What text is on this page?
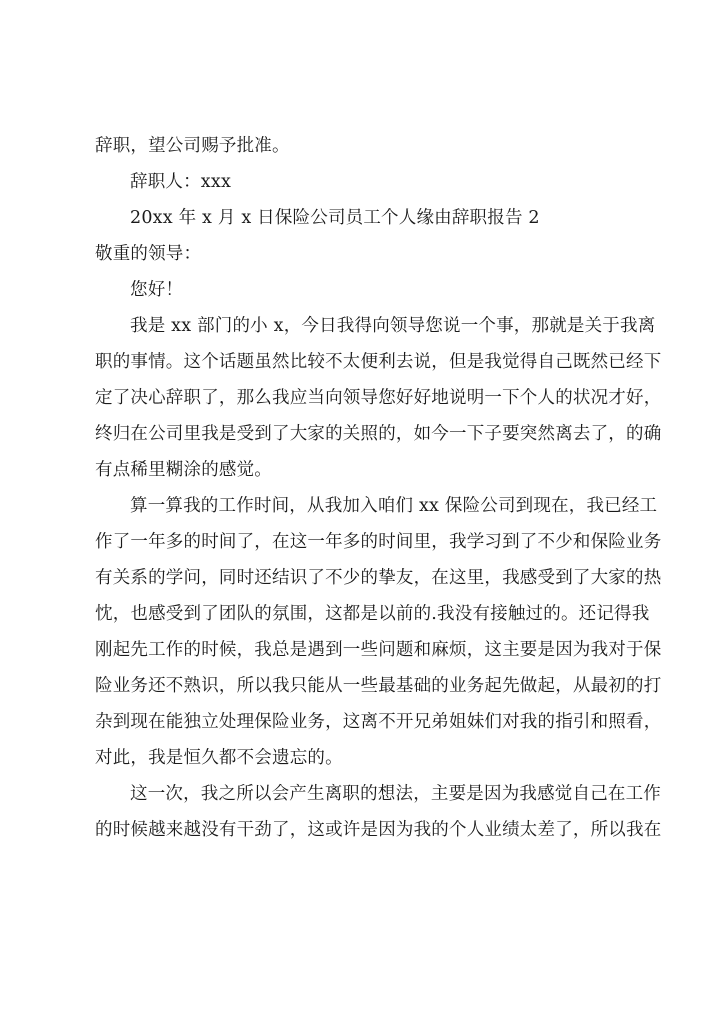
辞职，望公司赐予批准。
辞职人：xxx
20xx 年 x 月 x 日保险公司员工个人缘由辞职报告 2
敬重的领导：
您好！
我是 xx 部门的小 x，今日我得向领导您说一个事，那就是关于我离
职的事情。这个话题虽然比较不太便利去说，但是我觉得自己既然已经下
定了决心辞职了，那么我应当向领导您好好地说明一下个人的状况才好，
终归在公司里我是受到了大家的关照的，如今一下子要突然离去了，的确
有点稀里糊涂的感觉。
算一算我的工作时间，从我加入咱们 xx 保险公司到现在，我已经工
作了一年多的时间了，在这一年多的时间里，我学习到了不少和保险业务
有关系的学问，同时还结识了不少的挚友，在这里，我感受到了大家的热
忱，也感受到了团队的氛围，这都是以前的.我没有接触过的。还记得我
刚起先工作的时候，我总是遇到一些问题和麻烦，这主要是因为我对于保
险业务还不熟识，所以我只能从一些最基础的业务起先做起，从最初的打
杂到现在能独立处理保险业务，这离不开兄弟姐妹们对我的指引和照看，
对此，我是恒久都不会遗忘的。
这一次，我之所以会产生离职的想法，主要是因为我感觉自己在工作
的时候越来越没有干劲了，这或许是因为我的个人业绩太差了，所以我在
